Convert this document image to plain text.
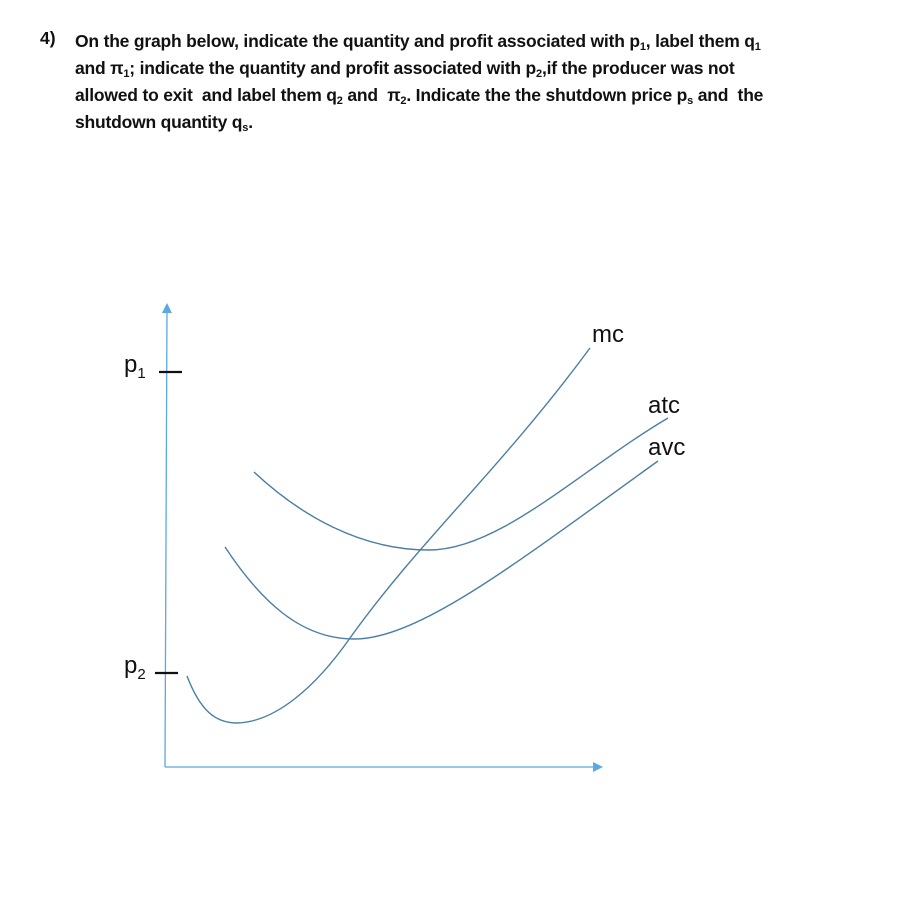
4) On the graph below, indicate the quantity and profit associated with $p_1$, label them $q_1$
and $\pi_1$; indicate the quantity and profit associated with $p_2,if$ the producer was not
allowed to exit  and label them $q_2$ and  $\pi_2$. Indicate the the shutdown price $p_s$ and  the
shutdown quantity $q_s$.
$p_1$
$p_2$
mc
atc
avc
